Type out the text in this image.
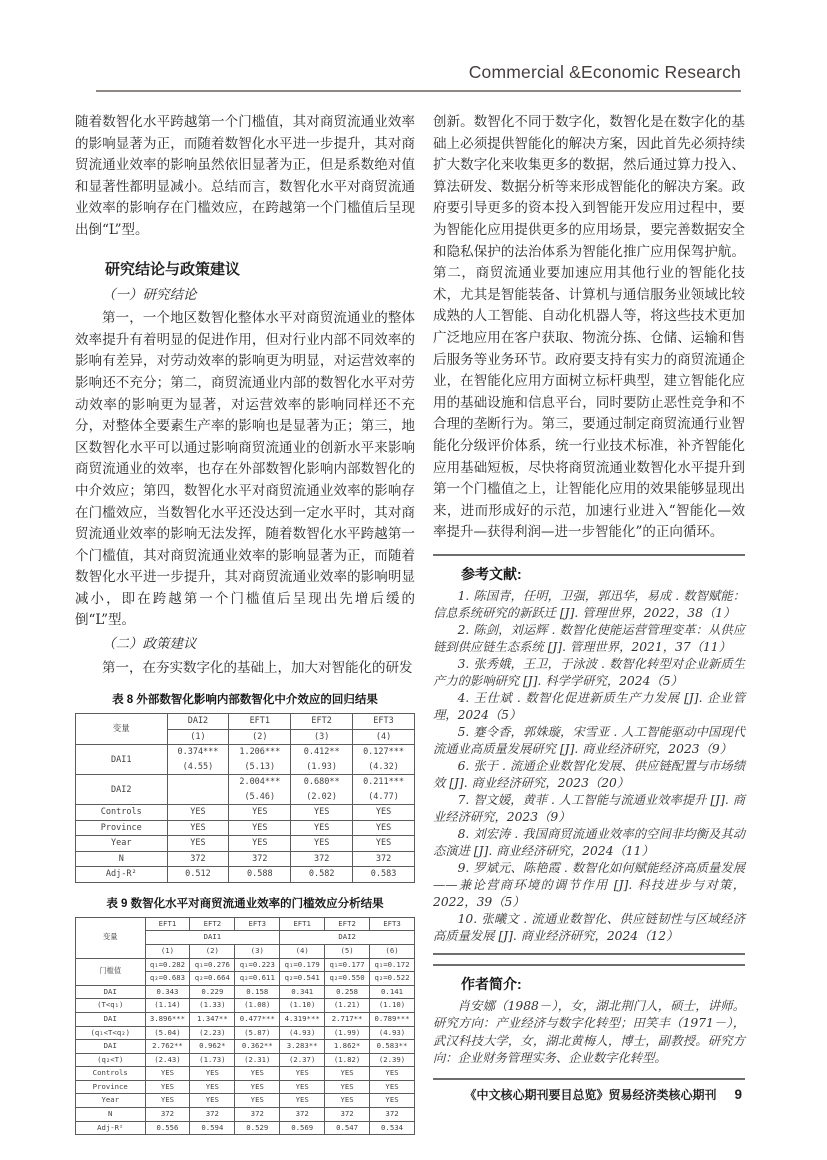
Commercial &Economic Research

随着数智化水平跨越第一个门槛值，其对商贸流通业效率的影响显著为正，而随着数智化水平进一步提升，其对商贸流通业效率的影响虽然依旧显著为正，但是系数绝对值和显著性都明显减小。总结而言，数智化水平对商贸流通业效率的影响存在门槛效应，在跨越第一个门槛值后呈现出倒“L”型。

研究结论与政策建议

（一）研究结论

第一，一个地区数智化整体水平对商贸流通业的整体效率提升有着明显的促进作用，但对行业内部不同效率的影响有差异，对劳动效率的影响更为明显，对运营效率的影响还不充分；第二，商贸流通业内部的数智化水平对劳动效率的影响更为显著，对运营效率的影响同样还不充分，对整体全要素生产率的影响也是显著为正；第三，地区数智化水平可以通过影响商贸流通业的创新水平来影响商贸流通业的效率，也存在外部数智化影响内部数智化的中介效应；第四，数智化水平对商贸流通业效率的影响存在门槛效应，当数智化水平还没达到一定水平时，其对商贸流通业效率的影响无法发挥，随着数智化水平跨越第一个门槛值，其对商贸流通业效率的影响显著为正，而随着数智化水平进一步提升，其对商贸流通业效率的影响明显减小，即在跨越第一个门槛值后呈现出先增后缓的倒“L”型。

（二）政策建议

第一，在夯实数字化的基础上，加大对智能化的研发

表 8 外部数智化影响内部数智化中介效应的回归结果
变量	DAI2	EFT1	EFT2	EFT3
	(1)	(2)	(3)	(4)
DAI1	0.374***	1.206***	0.412**	0.127***
	(4.55)	(5.13)	(1.93)	(4.32)
DAI2		2.004***	0.680**	0.211***
		(5.46)	(2.02)	(4.77)
Controls	YES	YES	YES	YES
Province	YES	YES	YES	YES
Year	YES	YES	YES	YES
N	372	372	372	372
Adj-R²	0.512	0.588	0.582	0.583
表 9 数智化水平对商贸流通业效率的门槛效应分析结果
变量	EFT1	EFT2	EFT3	EFT1	EFT2	EFT3
	DAI1			DAI2		
	(1)	(2)	(3)	(4)	(5)	(6)
门槛值	q₁=0.282	q₁=0.276	q₁=0.223	q₁=0.179	q₁=0.177	q₁=0.172
	q₂=0.683	q₂=0.664	q₂=0.611	q₂=0.541	q₂=0.550	q₂=0.522
DAI	0.343	0.229	0.158	0.341	0.258	0.141
(T<q₁)	(1.14)	(1.33)	(1.08)	(1.10)	(1.21)	(1.10)
DAI	3.896***	1.347**	0.477***	4.319***	2.717**	0.789***
(q₁<T<q₂)	(5.04)	(2.23)	(5.87)	(4.93)	(1.99)	(4.93)
DAI	2.762**	0.962*	0.362**	3.283**	1.862*	0.583**
(q₂<T)	(2.43)	(1.73)	(2.31)	(2.37)	(1.82)	(2.39)
Controls	YES	YES	YES	YES	YES	YES
Province	YES	YES	YES	YES	YES	YES
Year	YES	YES	YES	YES	YES	YES
N	372	372	372	372	372	372
Adj-R²	0.556	0.594	0.529	0.569	0.547	0.534

创新。数智化不同于数字化，数智化是在数字化的基础上必须提供智能化的解决方案，因此首先必须持续扩大数字化来收集更多的数据，然后通过算力投入、算法研发、数据分析等来形成智能化的解决方案。政府要引导更多的资本投入到智能开发应用过程中，要为智能化应用提供更多的应用场景，要完善数据安全和隐私保护的法治体系为智能化推广应用保驾护航。第二，商贸流通业要加速应用其他行业的智能化技术，尤其是智能装备、计算机与通信服务业领域比较成熟的人工智能、自动化机器人等，将这些技术更加广泛地应用在客户获取、物流分拣、仓储、运输和售后服务等业务环节。政府要支持有实力的商贸流通企业，在智能化应用方面树立标杆典型，建立智能化应用的基础设施和信息平台，同时要防止恶性竞争和不合理的垄断行为。第三，要通过制定商贸流通行业智能化分级评价体系，统一行业技术标准，补齐智能化应用基础短板，尽快将商贸流通业数智化水平提升到第一个门槛值之上，让智能化应用的效果能够显现出来，进而形成好的示范，加速行业进入“智能化—效率提升—获得利润—进一步智能化”的正向循环。

参考文献:

1. 陈国青，任明，卫强，郭迅华，易成 . 数智赋能：信息系统研究的新跃迁 [J]. 管理世界，2022，38（1）

2. 陈剑，刘运辉 . 数智化使能运营管理变革：从供应链到供应链生态系统 [J]. 管理世界，2021，37（11）

3. 张秀娥，王卫，于泳波 . 数智化转型对企业新质生产力的影响研究 [J]. 科学学研究，2024（5）

4. 王仕斌 . 数智化促进新质生产力发展 [J]. 企业管理，2024（5）

5. 蹇令香，郭姝璇，宋雪亚 . 人工智能驱动中国现代流通业高质量发展研究 [J]. 商业经济研究，2023（9）

6. 张于 . 流通企业数智化发展、供应链配置与市场绩效 [J]. 商业经济研究，2023（20）

7. 智文媛，黄菲 . 人工智能与流通业效率提升 [J]. 商业经济研究，2023（9）

8. 刘宏涛 . 我国商贸流通业效率的空间非均衡及其动态演进 [J]. 商业经济研究，2024（11）

9. 罗斌元、陈艳霞 . 数智化如何赋能经济高质量发展——兼论营商环境的调节作用 [J]. 科技进步与对策，2022，39（5）

10. 张曦文 . 流通业数智化、供应链韧性与区域经济高质量发展 [J]. 商业经济研究，2024（12）

作者简介:

肖安娜（1988－），女，湖北荆门人，硕士，讲师。研究方向：产业经济与数字化转型；田笑丰（1971－），武汉科技大学，女，湖北黄梅人，博士，副教授。研究方向：企业财务管理实务、企业数字化转型。

《中文核心期刊要目总览》贸易经济类核心期刊 9
